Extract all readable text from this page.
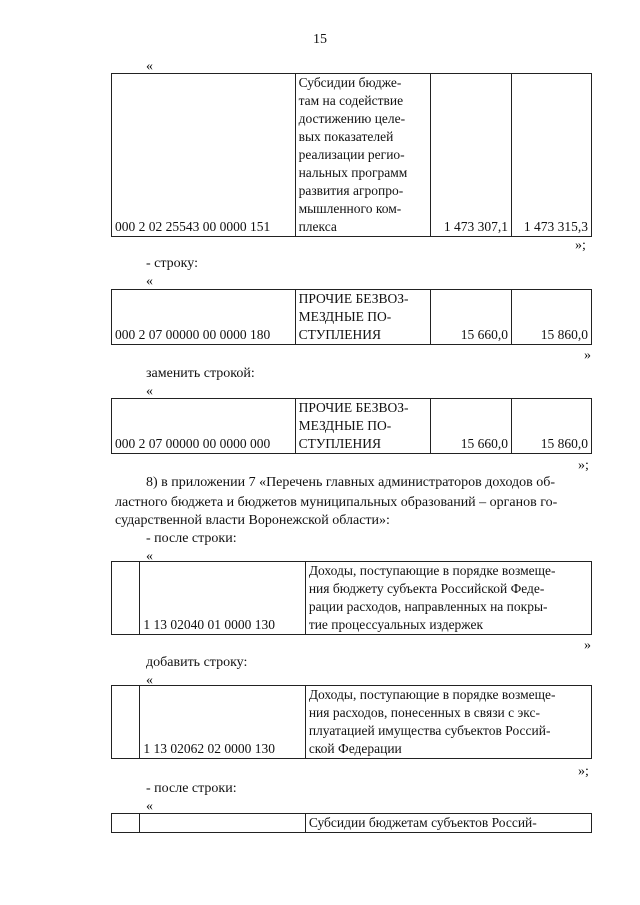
15
«
000 2 02 25543 00 0000 151	Субсидии бюдже-
там на содействие
достижению целе-
вых показателей
реализации регио-
нальных программ
развития агропро-
мышленного ком-
плекса	1 473 307,1	1 473 315,3
»;
- строку:
«
000 2 07 00000 00 0000 180	ПРОЧИЕ БЕЗВОЗ-
МЕЗДНЫЕ ПО-
СТУПЛЕНИЯ	15 660,0	15 860,0
»
заменить строкой:
«
000 2 07 00000 00 0000 000	ПРОЧИЕ БЕЗВОЗ-
МЕЗДНЫЕ ПО-
СТУПЛЕНИЯ	15 660,0	15 860,0
»;
8) в приложении 7 «Перечень главных администраторов доходов об-
ластного бюджета и бюджетов муниципальных образований – органов го-
сударственной власти Воронежской области»:
- после строки:
«
	1 13 02040 01 0000 130	Доходы, поступающие в порядке возмеще-
ния бюджету субъекта Российской Федe-
рации расходов, направленных на покры-
тие процессуальных издержек
»
добавить строку:
«
	1 13 02062 02 0000 130	Доходы, поступающие в порядке возмеще-
ния расходов, понесенных в связи с экс-
плуатацией имущества субъектов Россий-
ской Федерации
»;
- после строки:
«
		Субсидии бюджетам субъектов Россий-
